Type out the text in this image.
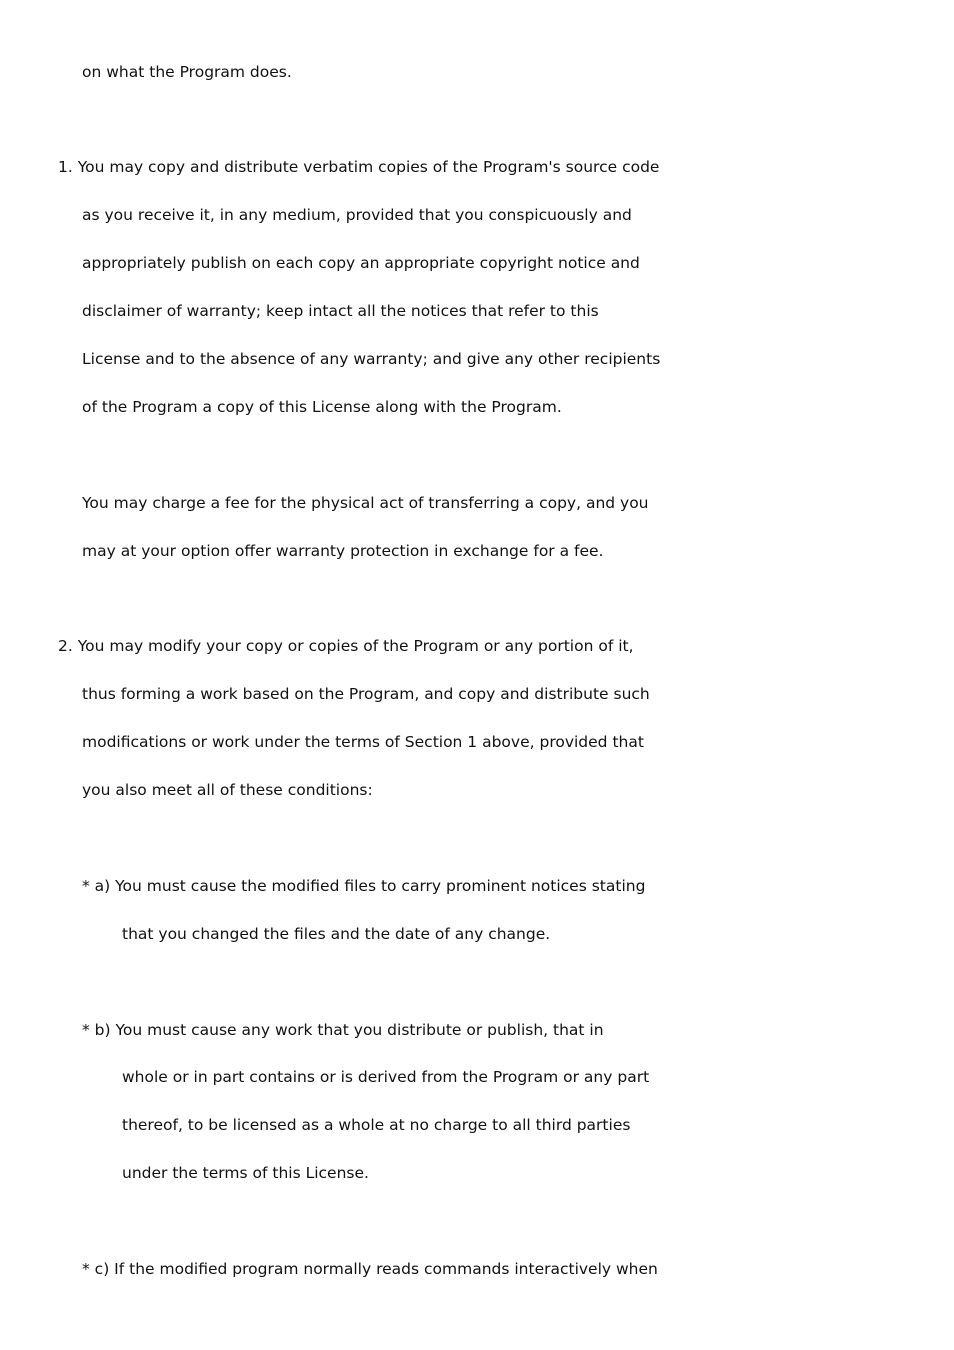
on what the Program does.
1. You may copy and distribute verbatim copies of the Program's source code
as you receive it, in any medium, provided that you conspicuously and
appropriately publish on each copy an appropriate copyright notice and
disclaimer of warranty; keep intact all the notices that refer to this
License and to the absence of any warranty; and give any other recipients
of the Program a copy of this License along with the Program.
You may charge a fee for the physical act of transferring a copy, and you
may at your option offer warranty protection in exchange for a fee.
2. You may modify your copy or copies of the Program or any portion of it,
thus forming a work based on the Program, and copy and distribute such
modifications or work under the terms of Section 1 above, provided that
you also meet all of these conditions:
* a) You must cause the modified files to carry prominent notices stating
that you changed the files and the date of any change.
* b) You must cause any work that you distribute or publish, that in
whole or in part contains or is derived from the Program or any part
thereof, to be licensed as a whole at no charge to all third parties
under the terms of this License.
* c) If the modified program normally reads commands interactively when
